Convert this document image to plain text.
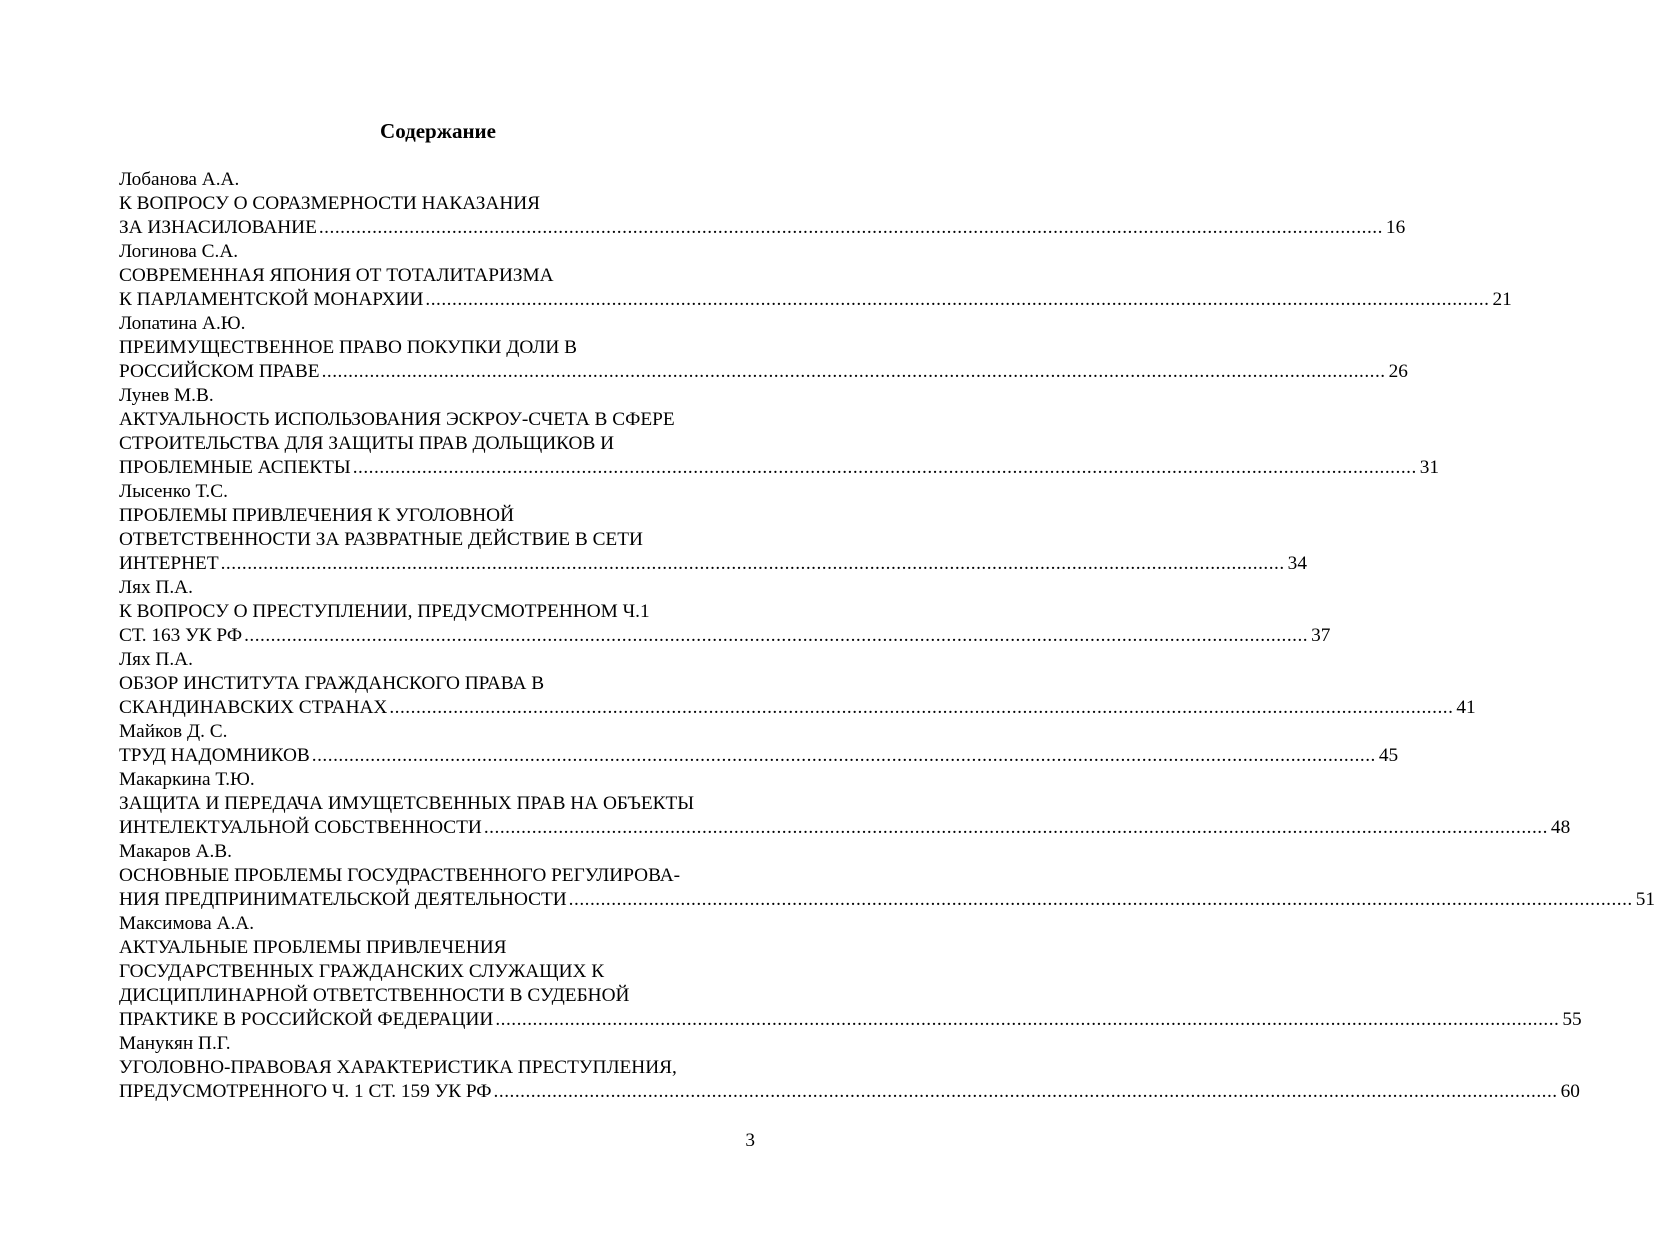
Содержание
Лобанова А.А.
К ВОПРОСУ О СОРАЗМЕРНОСТИ НАКАЗАНИЯ
ЗА ИЗНАСИЛОВАНИЕ ........................................................................................................................................................................................................ 16
Логинова С.А.
СОВРЕМЕННАЯ ЯПОНИЯ ОТ ТОТАЛИТАРИЗМА
К ПАРЛАМЕНТСКОЙ МОНАРХИИ ........................................................................................................................................................................................................ 21
Лопатина А.Ю.
ПРЕИМУЩЕСТВЕННОЕ ПРАВО ПОКУПКИ ДОЛИ В
РОССИЙСКОМ ПРАВЕ ........................................................................................................................................................................................................ 26
Лунев М.В.
АКТУАЛЬНОСТЬ ИСПОЛЬЗОВАНИЯ ЭСКРОУ-СЧЕТА В СФЕРЕ
СТРОИТЕЛЬСТВА ДЛЯ ЗАЩИТЫ ПРАВ ДОЛЬЩИКОВ И
ПРОБЛЕМНЫЕ АСПЕКТЫ ........................................................................................................................................................................................................ 31
Лысенко Т.С.
ПРОБЛЕМЫ ПРИВЛЕЧЕНИЯ К УГОЛОВНОЙ
ОТВЕТСТВЕННОСТИ ЗА РАЗВРАТНЫЕ ДЕЙСТВИЕ В СЕТИ
ИНТЕРНЕТ ........................................................................................................................................................................................................ 34
Лях П.А.
К ВОПРОСУ О ПРЕСТУПЛЕНИИ, ПРЕДУСМОТРЕННОМ Ч.1
СТ. 163 УК РФ ........................................................................................................................................................................................................ 37
Лях П.А.
ОБЗОР ИНСТИТУТА ГРАЖДАНСКОГО ПРАВА В
СКАНДИНАВСКИХ СТРАНАХ ........................................................................................................................................................................................................ 41
Майков Д. С.
ТРУД НАДОМНИКОВ ........................................................................................................................................................................................................ 45
Макаркина Т.Ю.
ЗАЩИТА И ПЕРЕДАЧА ИМУЩЕТСВЕННЫХ ПРАВ НА ОБЪЕКТЫ
ИНТЕЛЕКТУАЛЬНОЙ СОБСТВЕННОСТИ ........................................................................................................................................................................................................ 48
Макаров А.В.
ОСНОВНЫЕ ПРОБЛЕМЫ ГОСУДРАСТВЕННОГО РЕГУЛИРОВА-
НИЯ ПРЕДПРИНИМАТЕЛЬСКОЙ ДЕЯТЕЛЬНОСТИ ........................................................................................................................................................................................................ 51
Максимова А.А.
АКТУАЛЬНЫЕ ПРОБЛЕМЫ ПРИВЛЕЧЕНИЯ
ГОСУДАРСТВЕННЫХ ГРАЖДАНСКИХ СЛУЖАЩИХ К
ДИСЦИПЛИНАРНОЙ ОТВЕТСТВЕННОСТИ В СУДЕБНОЙ
ПРАКТИКЕ В РОССИЙСКОЙ ФЕДЕРАЦИИ ........................................................................................................................................................................................................ 55
Манукян П.Г.
УГОЛОВНО-ПРАВОВАЯ ХАРАКТЕРИСТИКА ПРЕСТУПЛЕНИЯ,
ПРЕДУСМОТРЕННОГО Ч. 1 СТ. 159 УК РФ ........................................................................................................................................................................................................ 60
3
